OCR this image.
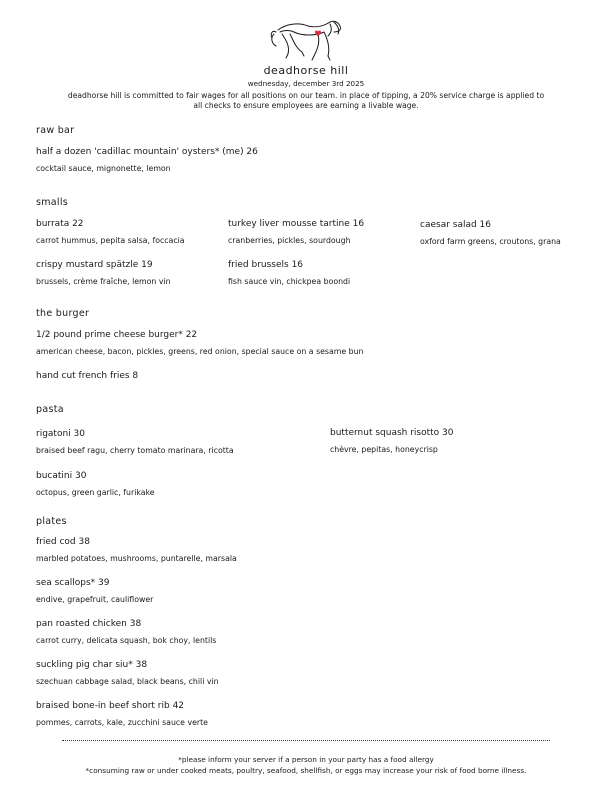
deadhorse hill
wednesday, december 3rd 2025
deadhorse hill is committed to fair wages for all positions on our team. in place of tipping, a 20% service charge is applied to
all checks to ensure employees are earning a livable wage.
raw bar
half a dozen 'cadillac mountain' oysters* (me) 26
cocktail sauce, mignonette, lemon
smalls
burrata 22
carrot hummus, pepita salsa, foccacia
turkey liver mousse tartine 16
cranberries, pickles, sourdough
caesar salad 16
oxford farm greens, croutons, grana
crispy mustard spätzle 19
brussels, crème fraîche, lemon vin
fried brussels 16
fish sauce vin, chickpea boondi
the burger
1/2 pound prime cheese burger* 22
american cheese, bacon, pickles, greens, red onion, special sauce on a sesame bun
hand cut french fries 8
pasta
rigatoni 30
braised beef ragu, cherry tomato marinara, ricotta
butternut squash risotto 30
chèvre, pepitas, honeycrisp
bucatini 30
octopus, green garlic, furikake
plates
fried cod 38
marbled potatoes, mushrooms, puntarelle, marsala
sea scallops* 39
endive, grapefruit, cauliflower
pan roasted chicken 38
carrot curry, delicata squash, bok choy, lentils
suckling pig char siu* 38
szechuan cabbage salad, black beans, chili vin
braised bone-in beef short rib 42
pommes, carrots, kale, zucchini sauce verte
*please inform your server if a person in your party has a food allergy
*consuming raw or under cooked meats, poultry, seafood, shellfish, or eggs may increase your risk of food borne illness.
